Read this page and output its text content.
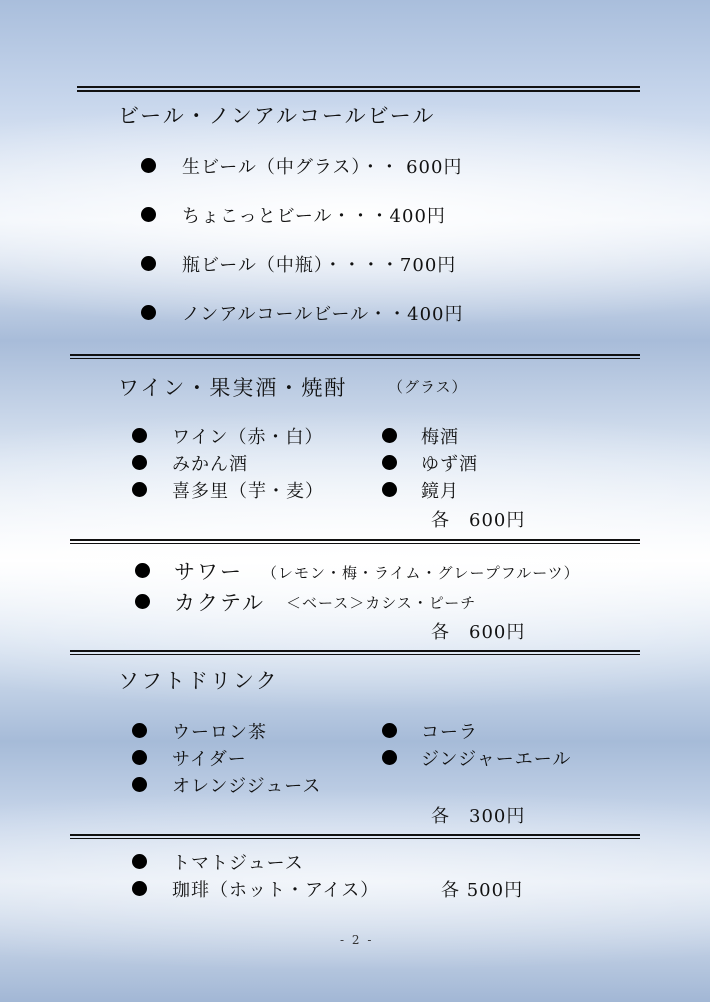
ビール・ノンアルコールビール
生ビール（中グラス）・・ 600円
ちょこっとビール・・・400円
瓶ビール（中瓶）・・・・700円
ノンアルコールビール・・400円
ワイン・果実酒・焼酎	（グラス）
ワイン（赤・白）
みかん酒
喜多里（芋・麦）
梅酒
ゆず酒
鏡月
各　600円
サワー （レモン・梅・ライム・グレープフルーツ）
カクテル ＜ベース＞カシス・ピーチ
各　600円
ソフトドリンク
ウーロン茶
サイダー
オレンジジュース
コーラ
ジンジャーエール
各　300円
トマトジュース
珈琲（ホット・アイス）	各 500円
- 2 -
